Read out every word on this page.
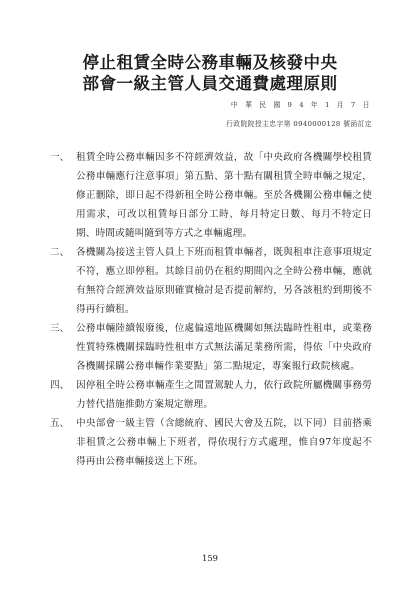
停止租賃全時公務車輛及核發中央
部會一級主管人員交通費處理原則
中 華 民 國 9 4 年 1 月 7 日
行政院院授主忠字第 0940000128 號函訂定
一、 租賃全時公務車輛因多不符經濟效益，故「中央政府各機關學校租賃公務車輛應行注意事項」第五點、第十點有關租賃全時車輛之規定，修正刪除，即日起不得新租全時公務車輛。至於各機關公務車輛之使用需求，可改以租賃每日部分工時、每月特定日數、每月不特定日期、時間或隨叫隨到等方式之車輛處理。
二、 各機關為接送主管人員上下班而租賃車輛者，既與租車注意事項規定不符，應立即停租。其餘目前仍在租約期間內之全時公務車輛，應就有無符合經濟效益原則確實檢討是否提前解約，另各該租約到期後不得再行續租。
三、 公務車輛陸續報廢後，位處偏遠地區機關如無法臨時性租車，或業務性質特殊機關採臨時性租車方式無法滿足業務所需，得依「中央政府各機關採購公務車輛作業要點」第二點規定，專案報行政院核處。
四、 因停租全時公務車輛產生之閒置駕駛人力，依行政院所屬機關事務勞力替代措施推動方案規定辦理。
五、 中央部會一級主管（含總統府、國民大會及五院，以下同）目前搭乘非租賃之公務車輛上下班者，得依現行方式處理，惟自97年度起不得再由公務車輛接送上下班。
159
